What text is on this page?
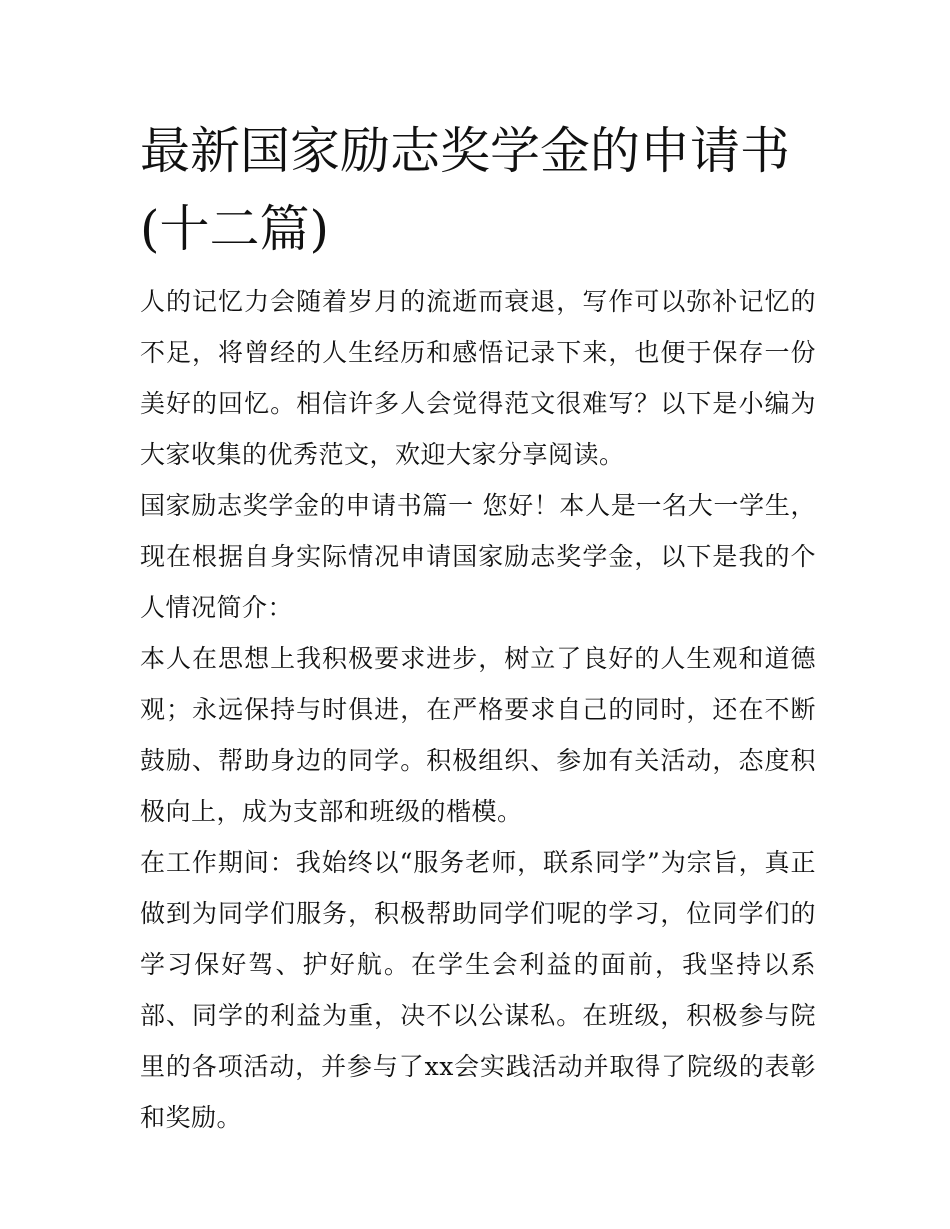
最新国家励志奖学金的申请书(十二篇)

人的记忆力会随着岁月的流逝而衰退，写作可以弥补记忆的不足，将曾经的人生经历和感悟记录下来，也便于保存一份美好的回忆。相信许多人会觉得范文很难写？以下是小编为大家收集的优秀范文，欢迎大家分享阅读。

国家励志奖学金的申请书篇一 您好！本人是一名大一学生，现在根据自身实际情况申请国家励志奖学金，以下是我的个人情况简介：

本人在思想上我积极要求进步，树立了良好的人生观和道德观；永远保持与时俱进，在严格要求自己的同时，还在不断鼓励、帮助身边的同学。积极组织、参加有关活动，态度积极向上，成为支部和班级的楷模。

在工作期间：我始终以“服务老师，联系同学”为宗旨，真正做到为同学们服务，积极帮助同学们呢的学习，位同学们的学习保好驾、护好航。在学生会利益的面前，我坚持以系部、同学的利益为重，决不以公谋私。在班级，积极参与院里的各项活动，并参与了xx会实践活动并取得了院级的表彰和奖励。
